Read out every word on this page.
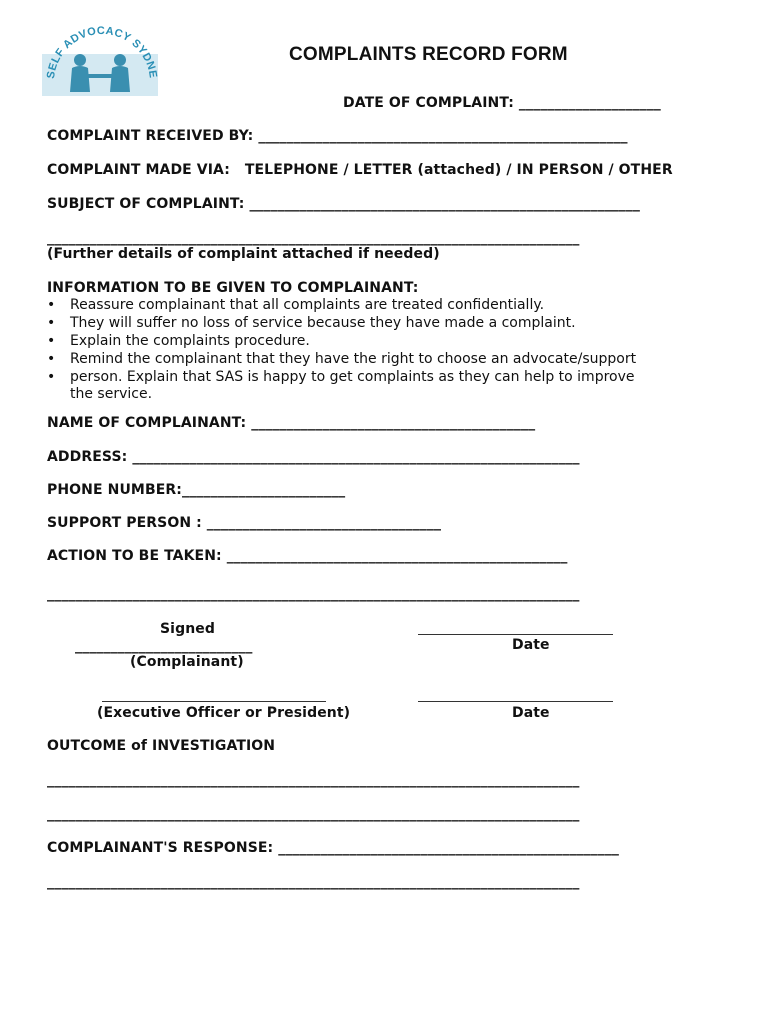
SELF ADVOCACY SYDNE
COMPLAINTS RECORD FORM
DATE OF COMPLAINT: ____________________
COMPLAINT RECEIVED BY: ____________________________________________________
COMPLAINT MADE VIA:   TELEPHONE / LETTER (attached) / IN PERSON / OTHER
SUBJECT OF COMPLAINT: _______________________________________________________
___________________________________________________________________________
(Further details of complaint attached if needed)
INFORMATION TO BE GIVEN TO COMPLAINANT:
• Reassure complainant that all complaints are treated confidentially.
• They will suffer no loss of service because they have made a complaint.
• Explain the complaints procedure.
• Remind the complainant that they have the right to choose an advocate/support
• person. Explain that SAS is happy to get complaints as they can help to improve
the service.
NAME OF COMPLAINANT: ________________________________________
ADDRESS: _______________________________________________________________
PHONE NUMBER:_______________________
SUPPORT PERSON : _________________________________
ACTION TO BE TAKEN: ________________________________________________
___________________________________________________________________________
Signed
_________________________
(Complainant)
Date
(Executive Officer or President)	Date
OUTCOME of INVESTIGATION
___________________________________________________________________________
___________________________________________________________________________
COMPLAINANT'S RESPONSE: ________________________________________________
___________________________________________________________________________
